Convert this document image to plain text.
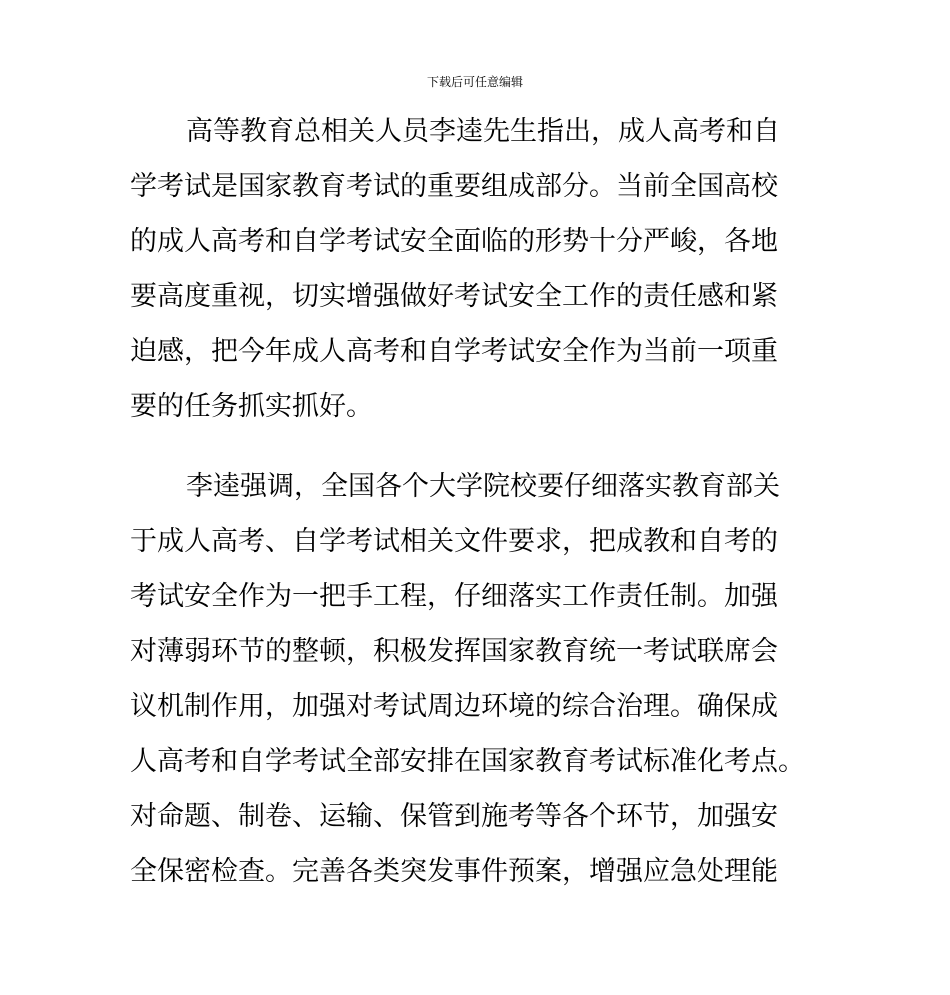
下载后可任意编辑
高等教育总相关人员李逵先生指出，成人高考和自
学考试是国家教育考试的重要组成部分。当前全国高校
的成人高考和自学考试安全面临的形势十分严峻，各地
要高度重视，切实增强做好考试安全工作的责任感和紧
迫感，把今年成人高考和自学考试安全作为当前一项重
要的任务抓实抓好。
李逵强调，全国各个大学院校要仔细落实教育部关
于成人高考、自学考试相关文件要求，把成教和自考的
考试安全作为一把手工程，仔细落实工作责任制。加强
对薄弱环节的整顿，积极发挥国家教育统一考试联席会
议机制作用，加强对考试周边环境的综合治理。确保成
人高考和自学考试全部安排在国家教育考试标准化考点。
对命题、制卷、运输、保管到施考等各个环节，加强安
全保密检查。完善各类突发事件预案，增强应急处理能
